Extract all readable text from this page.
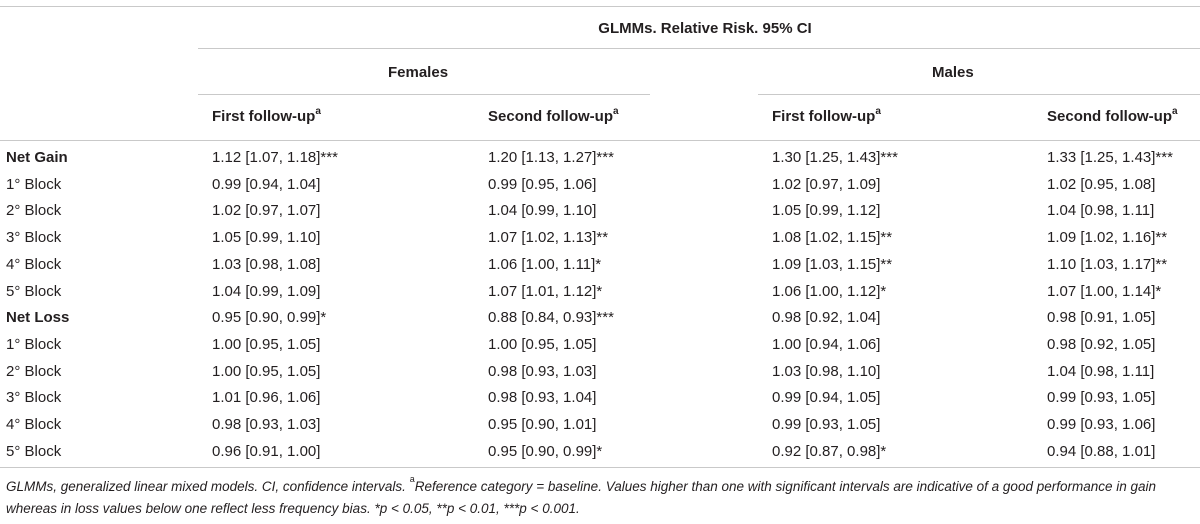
GLMMs. Relative Risk. 95% CI
Females	Males
First follow-$up^a$	Second follow-$up^a$	First follow-$up^a$	Second follow-$up^a$
Net Gain	1.12 [1.07, 1.18]***	1.20 [1.13, 1.27]***	1.30 [1.25, 1.43]***	1.33 [1.25, 1.43]***
1° Block	0.99 [0.94, 1.04]	0.99 [0.95, 1.06]	1.02 [0.97, 1.09]	1.02 [0.95, 1.08]
2° Block	1.02 [0.97, 1.07]	1.04 [0.99, 1.10]	1.05 [0.99, 1.12]	1.04 [0.98, 1.11]
3° Block	1.05 [0.99, 1.10]	1.07 [1.02, 1.13]**	1.08 [1.02, 1.15]**	1.09 [1.02, 1.16]**
4° Block	1.03 [0.98, 1.08]	1.06 [1.00, 1.11]*	1.09 [1.03, 1.15]**	1.10 [1.03, 1.17]**
5° Block	1.04 [0.99, 1.09]	1.07 [1.01, 1.12]*	1.06 [1.00, 1.12]*	1.07 [1.00, 1.14]*
Net Loss	0.95 [0.90, 0.99]*	0.88 [0.84, 0.93]***	0.98 [0.92, 1.04]	0.98 [0.91, 1.05]
1° Block	1.00 [0.95, 1.05]	1.00 [0.95, 1.05]	1.00 [0.94, 1.06]	0.98 [0.92, 1.05]
2° Block	1.00 [0.95, 1.05]	0.98 [0.93, 1.03]	1.03 [0.98, 1.10]	1.04 [0.98, 1.11]
3° Block	1.01 [0.96, 1.06]	0.98 [0.93, 1.04]	0.99 [0.94, 1.05]	0.99 [0.93, 1.05]
4° Block	0.98 [0.93, 1.03]	0.95 [0.90, 1.01]	0.99 [0.93, 1.05]	0.99 [0.93, 1.06]
5° Block	0.96 [0.91, 1.00]	0.95 [0.90, 0.99]*	0.92 [0.87, 0.98]*	0.94 [0.88, 1.01]
GLMMs, generalized linear mixed models. CI, confidence intervals. $^a$Reference category = baseline. Values higher than one with significant intervals are indicative of a good performance in gain whereas in loss values below one reflect less frequency bias. *p < 0.05, **p < 0.01, ***p < 0.001.
